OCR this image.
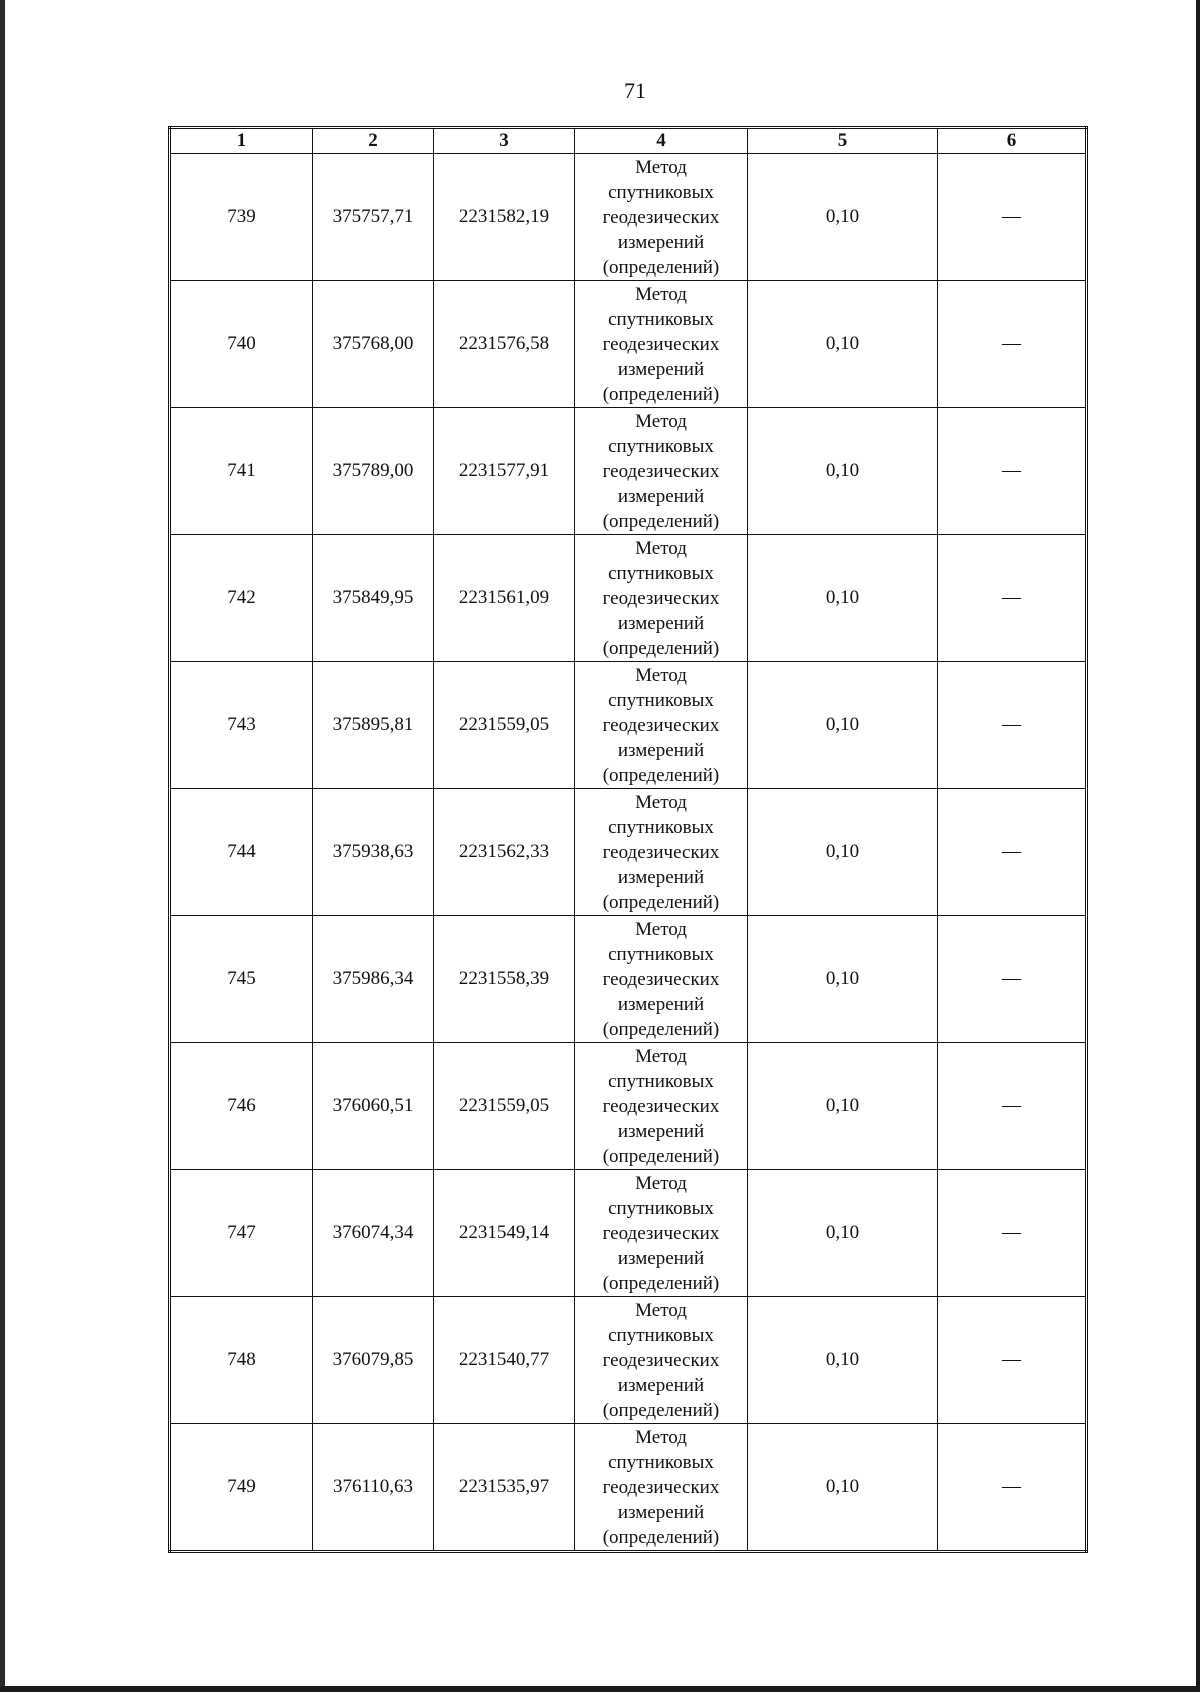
71
1	2	3	4	5	6
739	375757,71	2231582,19	Метод
спутниковых
геодезических
измерений
(определений)	0,10	—
740	375768,00	2231576,58	Метод
спутниковых
геодезических
измерений
(определений)	0,10	—
741	375789,00	2231577,91	Метод
спутниковых
геодезических
измерений
(определений)	0,10	—
742	375849,95	2231561,09	Метод
спутниковых
геодезических
измерений
(определений)	0,10	—
743	375895,81	2231559,05	Метод
спутниковых
геодезических
измерений
(определений)	0,10	—
744	375938,63	2231562,33	Метод
спутниковых
геодезических
измерений
(определений)	0,10	—
745	375986,34	2231558,39	Метод
спутниковых
геодезических
измерений
(определений)	0,10	—
746	376060,51	2231559,05	Метод
спутниковых
геодезических
измерений
(определений)	0,10	—
747	376074,34	2231549,14	Метод
спутниковых
геодезических
измерений
(определений)	0,10	—
748	376079,85	2231540,77	Метод
спутниковых
геодезических
измерений
(определений)	0,10	—
749	376110,63	2231535,97	Метод
спутниковых
геодезических
измерений
(определений)	0,10	—
